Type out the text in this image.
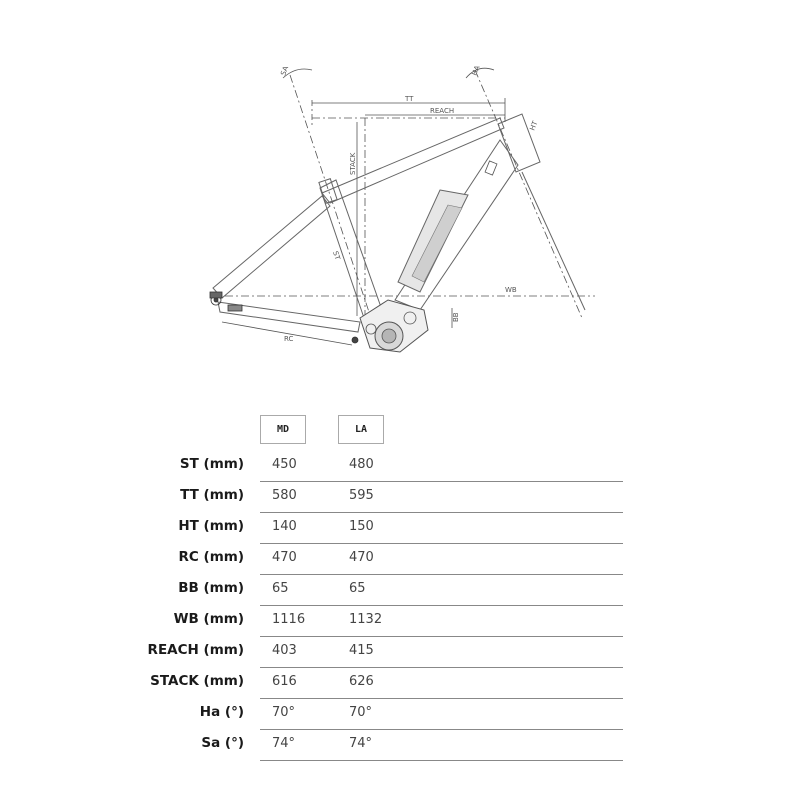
SA	HA
TT
REACH
STACK
ST
HT
WB
BB
RC
MD	LA
ST (mm) 450	480
TT (mm) 580	595
HT (mm) 140	150
RC (mm) 470	470
BB (mm) 65	65
WB (mm) 1116	1132
REACH (mm) 403	415
STACK (mm) 616	626
Ha (°) 70°	70°
Sa (°) 74°	74°
